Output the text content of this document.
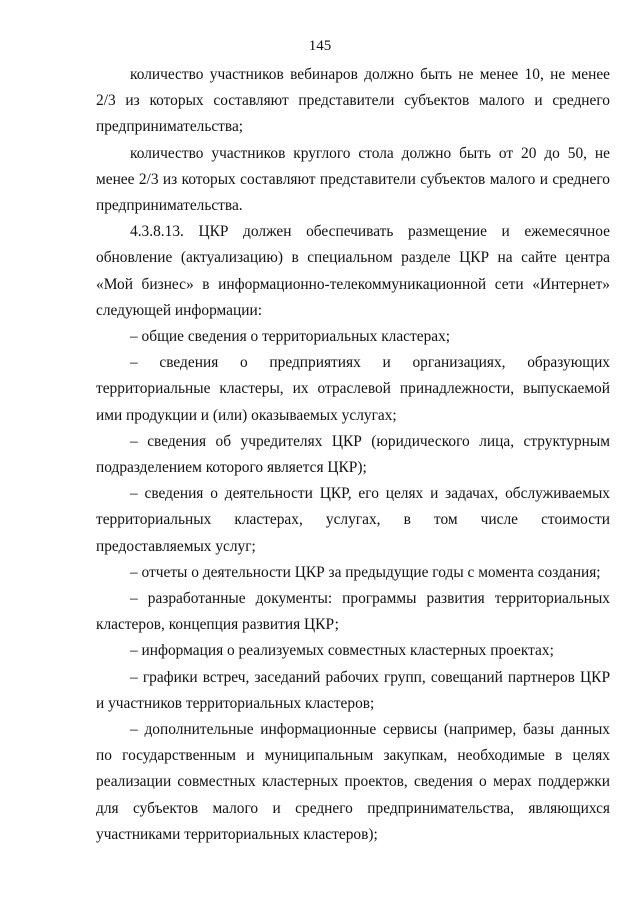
145

количество участников вебинаров должно быть не менее 10, не менее 2/3 из которых составляют представители субъектов малого и среднего предпринимательства;

количество участников круглого стола должно быть от 20 до 50, не менее 2/3 из которых составляют представители субъектов малого и среднего предпринимательства.

4.3.8.13. ЦКР должен обеспечивать размещение и ежемесячное обновление (актуализацию) в специальном разделе ЦКР на сайте центра «Мой бизнес» в информационно-телекоммуникационной сети «Интернет» следующей информации:

– общие сведения о территориальных кластерах;

– сведения о предприятиях и организациях, образующих территориальные кластеры, их отраслевой принадлежности, выпускаемой ими продукции и (или) оказываемых услугах;

– сведения об учредителях ЦКР (юридического лица, структурным подразделением которого является ЦКР);

– сведения о деятельности ЦКР, его целях и задачах, обслуживаемых территориальных кластерах, услугах, в том числе стоимости предоставляемых услуг;

– отчеты о деятельности ЦКР за предыдущие годы с момента создания;

– разработанные документы: программы развития территориальных кластеров, концепция развития ЦКР;

– информация о реализуемых совместных кластерных проектах;

– графики встреч, заседаний рабочих групп, совещаний партнеров ЦКР и участников территориальных кластеров;

– дополнительные информационные сервисы (например, базы данных по государственным и муниципальным закупкам, необходимые в целях реализации совместных кластерных проектов, сведения о мерах поддержки для субъектов малого и среднего предпринимательства, являющихся участниками территориальных кластеров);
